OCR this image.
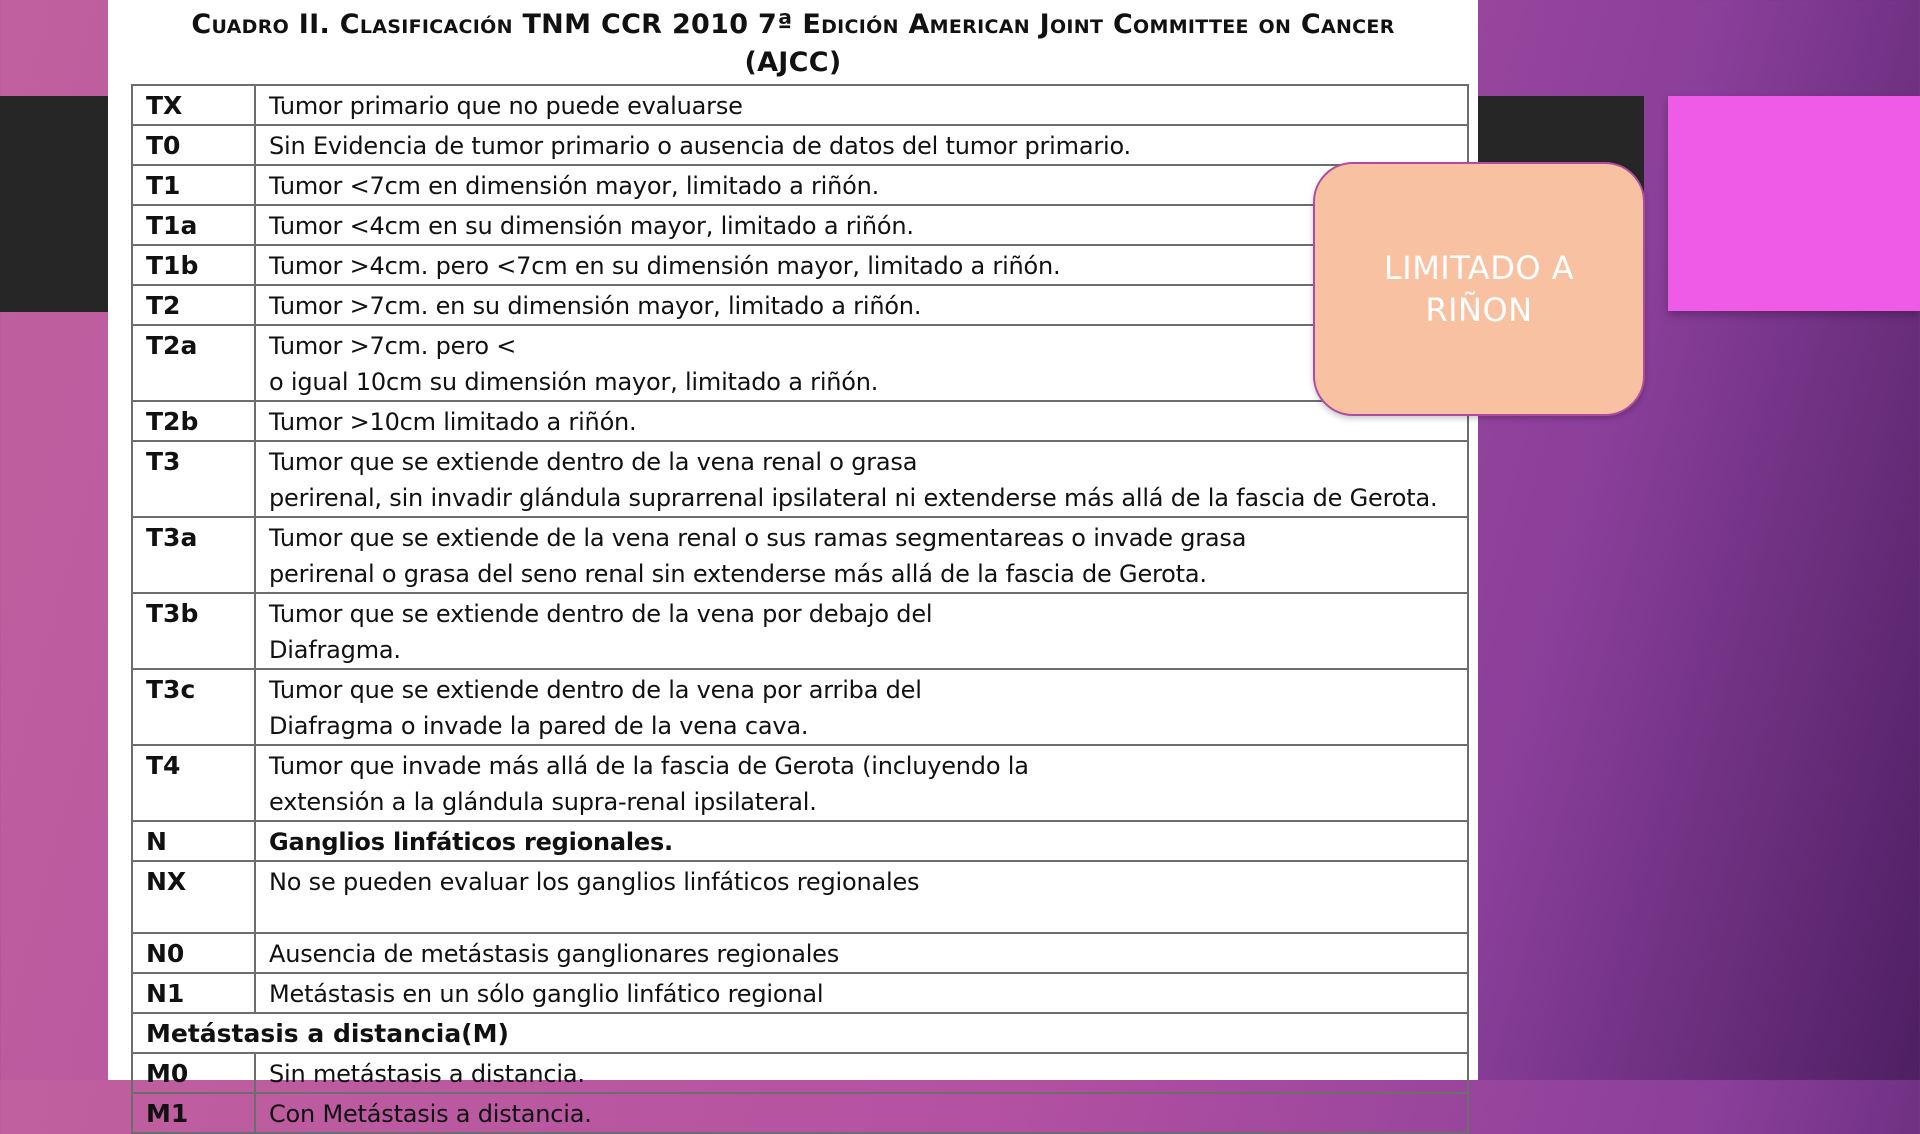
Cuadro II. Clasificación TNM CCR 2010 7ª Edición American Joint Committee on Cancer (AJCC)
TX	Tumor primario que no puede evaluarse
T0	Sin Evidencia de tumor primario o ausencia de datos del tumor primario.
T1	Tumor <7cm en dimensión mayor, limitado a riñón.
T1a	Tumor <4cm en su dimensión mayor, limitado a riñón.
T1b	Tumor >4cm. pero <7cm en su dimensión mayor, limitado a riñón.
T2	Tumor >7cm. en su dimensión mayor, limitado a riñón.
T2a	Tumor >7cm. pero <
o igual 10cm su dimensión mayor, limitado a riñón.
T2b	Tumor >10cm limitado a riñón.
T3	Tumor que se extiende dentro de la vena renal o grasa
perirenal, sin invadir glándula suprarrenal ipsilateral ni extenderse más allá de la fascia de Gerota.
T3a	Tumor que se extiende de la vena renal o sus ramas segmentareas o invade grasa
perirenal o grasa del seno renal sin extenderse más allá de la fascia de Gerota.
T3b	Tumor que se extiende dentro de la vena por debajo del
Diafragma.
T3c	Tumor que se extiende dentro de la vena por arriba del
Diafragma o invade la pared de la vena cava.
T4	Tumor que invade más allá de la fascia de Gerota (incluyendo la
extensión a la glándula supra-renal ipsilateral.
N	Ganglios linfáticos regionales.
NX	No se pueden evaluar los ganglios linfáticos regionales
N0	Ausencia de metástasis ganglionares regionales
N1	Metástasis en un sólo ganglio linfático regional
Metástasis a distancia(M)	
M0	Sin metástasis a distancia.
M1	Con Metástasis a distancia.
LIMITADO A RIÑON
